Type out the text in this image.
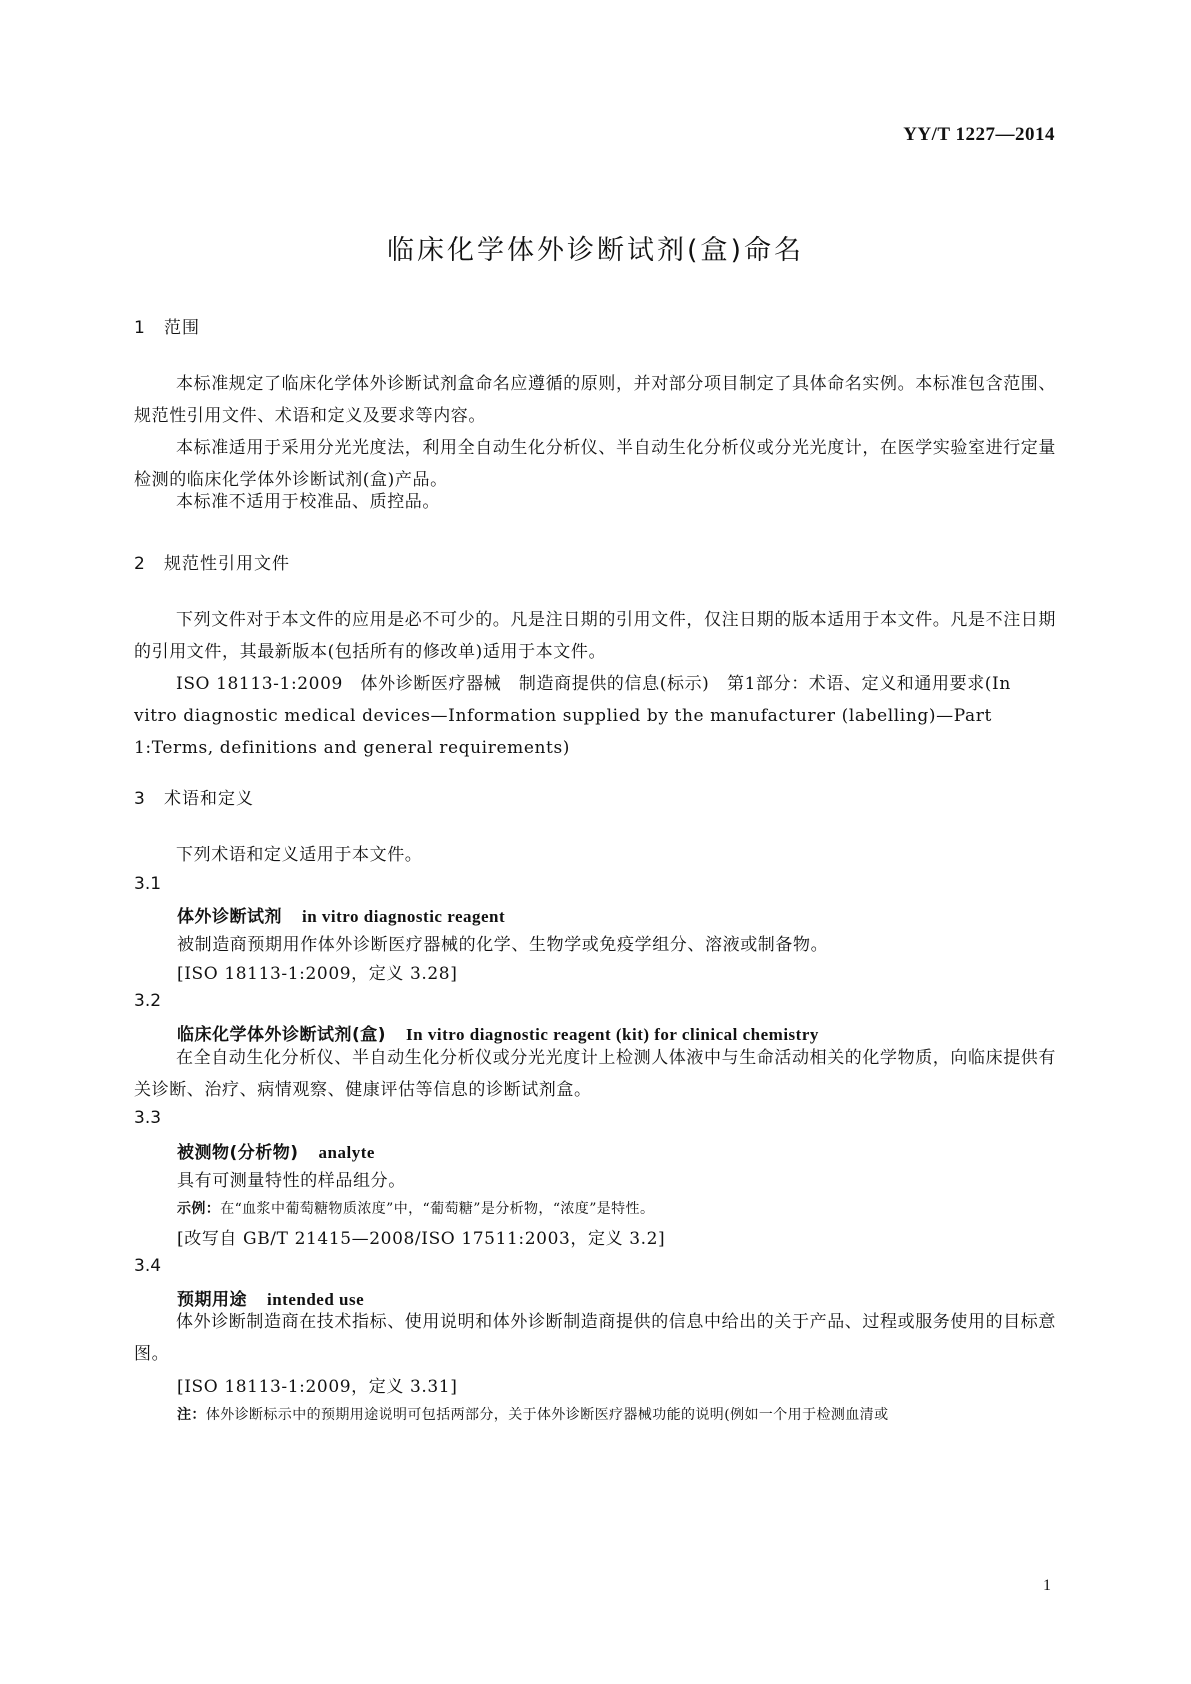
YY/T 1227—2014
临床化学体外诊断试剂(盒)命名
1 范围

本标准规定了临床化学体外诊断试剂盒命名应遵循的原则，并对部分项目制定了具体命名实例。本标准包含范围、规范性引用文件、术语和定义及要求等内容。

本标准适用于采用分光光度法，利用全自动生化分析仪、半自动生化分析仪或分光光度计，在医学实验室进行定量检测的临床化学体外诊断试剂(盒)产品。

本标准不适用于校准品、质控品。

2 规范性引用文件

下列文件对于本文件的应用是必不可少的。凡是注日期的引用文件，仅注日期的版本适用于本文件。凡是不注日期的引用文件，其最新版本(包括所有的修改单)适用于本文件。

ISO 18113-1:2009　体外诊断医疗器械　制造商提供的信息(标示)　第1部分：术语、定义和通用要求(In vitro diagnostic medical devices—Information supplied by the manufacturer (labelling)—Part 1:Terms, definitions and general requirements)

3 术语和定义

下列术语和定义适用于本文件。

3.1
体外诊断试剂 in vitro diagnostic reagent
被制造商预期用作体外诊断医疗器械的化学、生物学或免疫学组分、溶液或制备物。
[ISO 18113-1:2009，定义 3.28]
3.2
临床化学体外诊断试剂(盒) In vitro diagnostic reagent (kit) for clinical chemistry

在全自动生化分析仪、半自动生化分析仪或分光光度计上检测人体液中与生命活动相关的化学物质，向临床提供有关诊断、治疗、病情观察、健康评估等信息的诊断试剂盒。

3.3
被测物(分析物) analyte
具有可测量特性的样品组分。
示例：在“血浆中葡萄糖物质浓度”中，“葡萄糖”是分析物，“浓度”是特性。
[改写自 GB/T 21415—2008/ISO 17511:2003，定义 3.2]
3.4
预期用途 intended use

体外诊断制造商在技术指标、使用说明和体外诊断制造商提供的信息中给出的关于产品、过程或服务使用的目标意图。

[ISO 18113-1:2009，定义 3.31]
注：体外诊断标示中的预期用途说明可包括两部分，关于体外诊断医疗器械功能的说明(例如一个用于检测血清或
1
